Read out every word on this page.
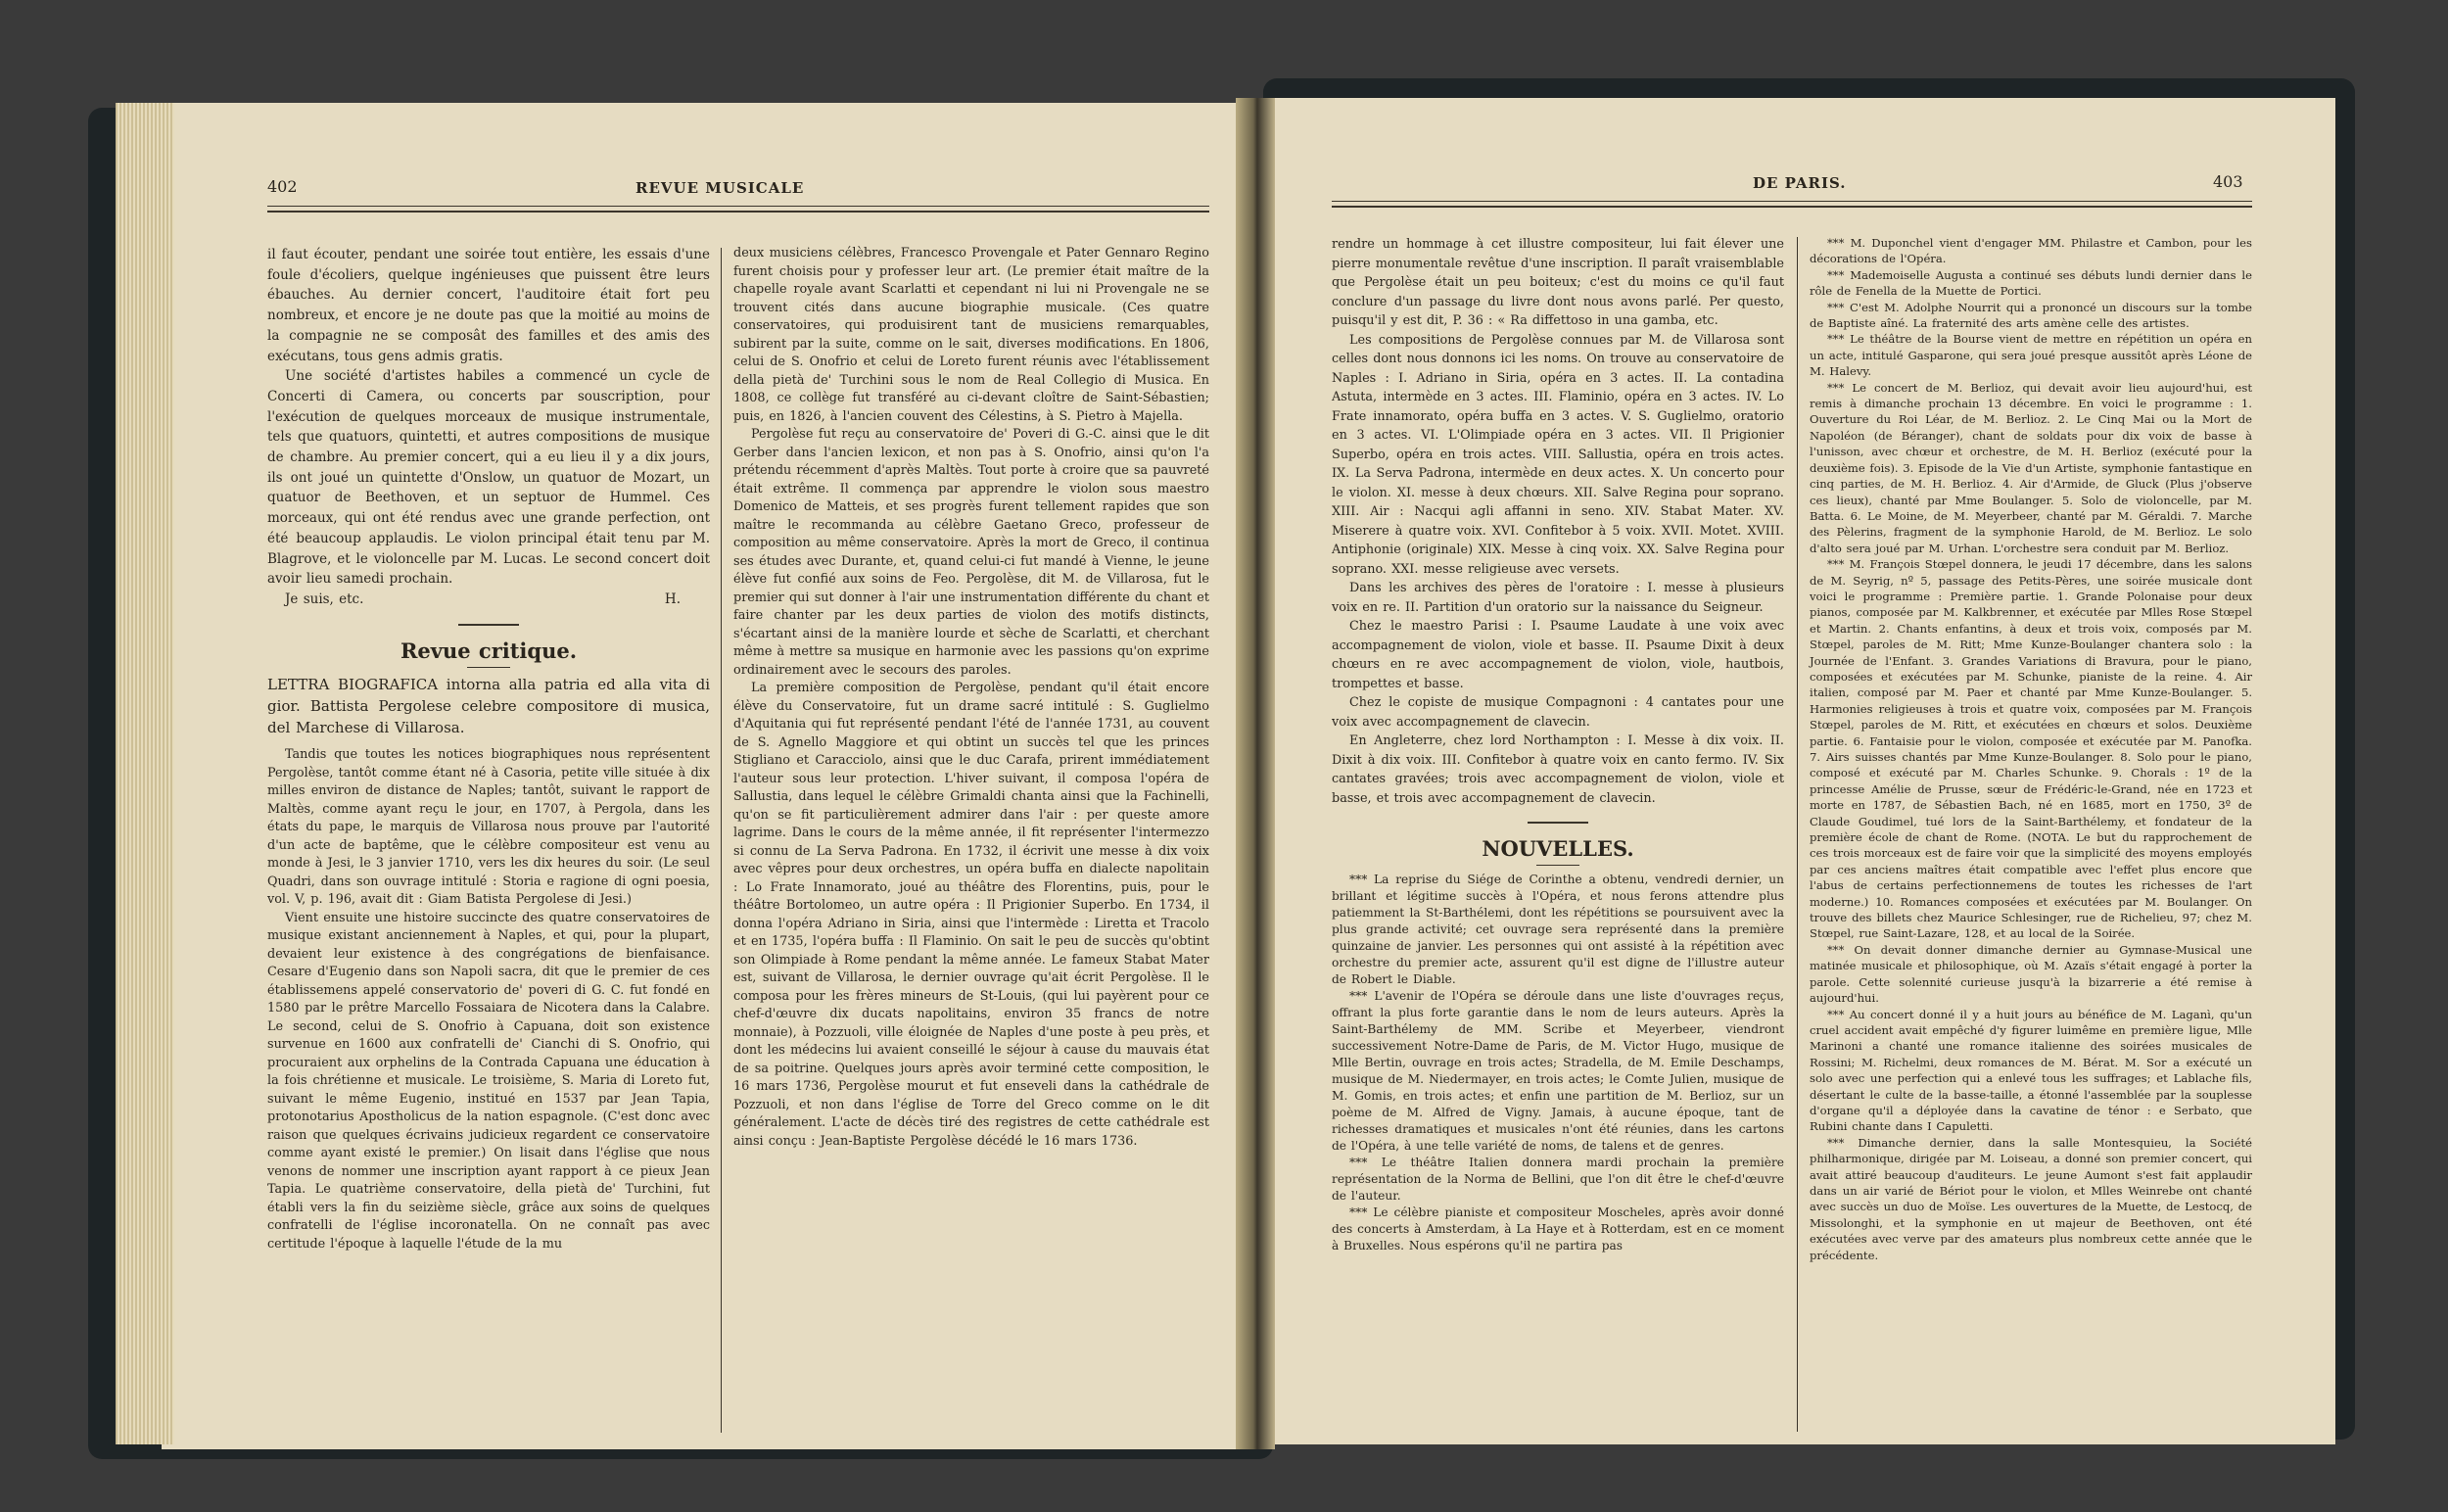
402	REVUE MUSICALE

il faut écouter, pendant une soirée tout entière, les essais d'une foule d'écoliers, quelque ingénieuses que puissent être leurs ébauches. Au dernier concert, l'auditoire était fort peu nombreux, et encore je ne doute pas que la moitié au moins de la compagnie ne se composât des familles et des amis des exécutans, tous gens admis gratis.

Une société d'artistes habiles a commencé un cycle de Concerti di Camera, ou concerts par souscription, pour l'exécution de quelques morceaux de musique instrumentale, tels que quatuors, quintetti, et autres compositions de musique de chambre. Au premier concert, qui a eu lieu il y a dix jours, ils ont joué un quintette d'Onslow, un quatuor de Mozart, un quatuor de Beethoven, et un septuor de Hummel. Ces morceaux, qui ont été rendus avec une grande perfection, ont été beaucoup applaudis. Le violon principal était tenu par M. Blagrove, et le violoncelle par M. Lucas. Le second concert doit avoir lieu samedi prochain.

Je suis, etc.	H.
Revue critique.

LETTRA BIOGRAFICA intorna alla patria ed alla vita di gior. Battista Pergolese celebre compositore di musica, del Marchese di Villarosa.

Tandis que toutes les notices biographiques nous représentent Pergolèse, tantôt comme étant né à Casoria, petite ville située à dix milles environ de distance de Naples; tantôt, suivant le rapport de Maltès, comme ayant reçu le jour, en 1707, à Pergola, dans les états du pape, le marquis de Villarosa nous prouve par l'autorité d'un acte de baptême, que le célèbre compositeur est venu au monde à Jesi, le 3 janvier 1710, vers les dix heures du soir. (Le seul Quadri, dans son ouvrage intitulé : Storia e ragione di ogni poesia, vol. V, p. 196, avait dit : Giam Batista Pergolese di Jesi.)

Vient ensuite une histoire succincte des quatre conservatoires de musique existant anciennement à Naples, et qui, pour la plupart, devaient leur existence à des congrégations de bienfaisance. Cesare d'Eugenio dans son Napoli sacra, dit que le premier de ces établissemens appelé conservatorio de' poveri di G. C. fut fondé en 1580 par le prêtre Marcello Fossaiara de Nicotera dans la Calabre. Le second, celui de S. Onofrio à Capuana, doit son existence survenue en 1600 aux confratelli de' Cianchi di S. Onofrio, qui procuraient aux orphelins de la Contrada Capuana une éducation à la fois chrétienne et musicale. Le troisième, S. Maria di Loreto fut, suivant le même Eugenio, institué en 1537 par Jean Tapia, protonotarius Apostholicus de la nation espagnole. (C'est donc avec raison que quelques écrivains judicieux regardent ce conservatoire comme ayant existé le premier.) On lisait dans l'église que nous venons de nommer une inscription ayant rapport à ce pieux Jean Tapia. Le quatrième conservatoire, della pietà de' Turchini, fut établi vers la fin du seizième siècle, grâce aux soins de quelques confratelli de l'église incoronatella. On ne connaît pas avec certitude l'époque à laquelle l'étude de la mu

deux musiciens célèbres, Francesco Provengale et Pater Gennaro Regino furent choisis pour y professer leur art. (Le premier était maître de la chapelle royale avant Scarlatti et cependant ni lui ni Provengale ne se trouvent cités dans aucune biographie musicale. (Ces quatre conservatoires, qui produisirent tant de musiciens remarquables, subirent par la suite, comme on le sait, diverses modifications. En 1806, celui de S. Onofrio et celui de Loreto furent réunis avec l'établissement della pietà de' Turchini sous le nom de Real Collegio di Musica. En 1808, ce collège fut transféré au ci-devant cloître de Saint-Sébastien; puis, en 1826, à l'ancien couvent des Célestins, à S. Pietro à Majella.

Pergolèse fut reçu au conservatoire de' Poveri di G.-C. ainsi que le dit Gerber dans l'ancien lexicon, et non pas à S. Onofrio, ainsi qu'on l'a prétendu récemment d'après Maltès. Tout porte à croire que sa pauvreté était extrême. Il commença par apprendre le violon sous maestro Domenico de Matteis, et ses progrès furent tellement rapides que son maître le recommanda au célèbre Gaetano Greco, professeur de composition au même conservatoire. Après la mort de Greco, il continua ses études avec Durante, et, quand celui-ci fut mandé à Vienne, le jeune élève fut confié aux soins de Feo. Pergolèse, dit M. de Villarosa, fut le premier qui sut donner à l'air une instrumentation différente du chant et faire chanter par les deux parties de violon des motifs distincts, s'écartant ainsi de la manière lourde et sèche de Scarlatti, et cherchant même à mettre sa musique en harmonie avec les passions qu'on exprime ordinairement avec le secours des paroles.

La première composition de Pergolèse, pendant qu'il était encore élève du Conservatoire, fut un drame sacré intitulé : S. Guglielmo d'Aquitania qui fut représenté pendant l'été de l'année 1731, au couvent de S. Agnello Maggiore et qui obtint un succès tel que les princes Stigliano et Caracciolo, ainsi que le duc Carafa, prirent immédiatement l'auteur sous leur protection. L'hiver suivant, il composa l'opéra de Sallustia, dans lequel le célèbre Grimaldi chanta ainsi que la Fachinelli, qu'on se fit particulièrement admirer dans l'air : per queste amore lagrime. Dans le cours de la même année, il fit représenter l'intermezzo si connu de La Serva Padrona. En 1732, il écrivit une messe à dix voix avec vêpres pour deux orchestres, un opéra buffa en dialecte napolitain : Lo Frate Innamorato, joué au théâtre des Florentins, puis, pour le théâtre Bortolomeo, un autre opéra : Il Prigionier Superbo. En 1734, il donna l'opéra Adriano in Siria, ainsi que l'intermède : Liretta et Tracolo et en 1735, l'opéra buffa : Il Flaminio. On sait le peu de succès qu'obtint son Olimpiade à Rome pendant la même année. Le fameux Stabat Mater est, suivant de Villarosa, le dernier ouvrage qu'ait écrit Pergolèse. Il le composa pour les frères mineurs de St-Louis, (qui lui payèrent pour ce chef-d'œuvre dix ducats napolitains, environ 35 francs de notre monnaie), à Pozzuoli, ville éloignée de Naples d'une poste à peu près, et dont les médecins lui avaient conseillé le séjour à cause du mauvais état de sa poitrine. Quelques jours après avoir terminé cette composition, le 16 mars 1736, Pergolèse mourut et fut enseveli dans la cathédrale de Pozzuoli, et non dans l'église de Torre del Greco comme on le dit généralement. L'acte de décès tiré des registres de cette cathédrale est ainsi conçu : Jean-Baptiste Pergolèse décédé le 16 mars 1736.

DE PARIS.	403

rendre un hommage à cet illustre compositeur, lui fait élever une pierre monumentale revêtue d'une inscription. Il paraît vraisemblable que Pergolèse était un peu boiteux; c'est du moins ce qu'il faut conclure d'un passage du livre dont nous avons parlé. Per questo, puisqu'il y est dit, P. 36 : « Ra diffettoso in una gamba, etc.

Les compositions de Pergolèse connues par M. de Villarosa sont celles dont nous donnons ici les noms. On trouve au conservatoire de Naples : I. Adriano in Siria, opéra en 3 actes. II. La contadina Astuta, intermède en 3 actes. III. Flaminio, opéra en 3 actes. IV. Lo Frate innamorato, opéra buffa en 3 actes. V. S. Guglielmo, oratorio en 3 actes. VI. L'Olimpiade opéra en 3 actes. VII. Il Prigionier Superbo, opéra en trois actes. VIII. Sallustia, opéra en trois actes. IX. La Serva Padrona, intermède en deux actes. X. Un concerto pour le violon. XI. messe à deux chœurs. XII. Salve Regina pour soprano. XIII. Air : Nacqui agli affanni in seno. XIV. Stabat Mater. XV. Miserere à quatre voix. XVI. Confitebor à 5 voix. XVII. Motet. XVIII. Antiphonie (originale) XIX. Messe à cinq voix. XX. Salve Regina pour soprano. XXI. messe religieuse avec versets.

Dans les archives des pères de l'oratoire : I. messe à plusieurs voix en re. II. Partition d'un oratorio sur la naissance du Seigneur.

Chez le maestro Parisi : I. Psaume Laudate à une voix avec accompagnement de violon, viole et basse. II. Psaume Dixit à deux chœurs en re avec accompagnement de violon, viole, hautbois, trompettes et basse.

Chez le copiste de musique Compagnoni : 4 cantates pour une voix avec accompagnement de clavecin.

En Angleterre, chez lord Northampton : I. Messe à dix voix. II. Dixit à dix voix. III. Confitebor à quatre voix en canto fermo. IV. Six cantates gravées; trois avec accompagnement de violon, viole et basse, et trois avec accompagnement de clavecin.

NOUVELLES.

*** La reprise du Siége de Corinthe a obtenu, vendredi dernier, un brillant et légitime succès à l'Opéra, et nous ferons attendre plus patiemment la St-Barthélemi, dont les répétitions se poursuivent avec la plus grande activité; cet ouvrage sera représenté dans la première quinzaine de janvier. Les personnes qui ont assisté à la répétition avec orchestre du premier acte, assurent qu'il est digne de l'illustre auteur de Robert le Diable.

*** L'avenir de l'Opéra se déroule dans une liste d'ouvrages reçus, offrant la plus forte garantie dans le nom de leurs auteurs. Après la Saint-Barthélemy de MM. Scribe et Meyerbeer, viendront successivement Notre-Dame de Paris, de M. Victor Hugo, musique de Mlle Bertin, ouvrage en trois actes; Stradella, de M. Emile Deschamps, musique de M. Niedermayer, en trois actes; le Comte Julien, musique de M. Gomis, en trois actes; et enfin une partition de M. Berlioz, sur un poème de M. Alfred de Vigny. Jamais, à aucune époque, tant de richesses dramatiques et musicales n'ont été réunies, dans les cartons de l'Opéra, à une telle variété de noms, de talens et de genres.

*** Le théâtre Italien donnera mardi prochain la première représentation de la Norma de Bellini, que l'on dit être le chef-d'œuvre de l'auteur.

*** Le célèbre pianiste et compositeur Moscheles, après avoir donné des concerts à Amsterdam, à La Haye et à Rotterdam, est en ce moment à Bruxelles. Nous espérons qu'il ne partira pas

*** M. Duponchel vient d'engager MM. Philastre et Cambon, pour les décorations de l'Opéra.

*** Mademoiselle Augusta a continué ses débuts lundi dernier dans le rôle de Fenella de la Muette de Portici.

*** C'est M. Adolphe Nourrit qui a prononcé un discours sur la tombe de Baptiste aîné. La fraternité des arts amène celle des artistes.

*** Le théâtre de la Bourse vient de mettre en répétition un opéra en un acte, intitulé Gasparone, qui sera joué presque aussitôt après Léone de M. Halevy.

*** Le concert de M. Berlioz, qui devait avoir lieu aujourd'hui, est remis à dimanche prochain 13 décembre. En voici le programme : 1. Ouverture du Roi Léar, de M. Berlioz. 2. Le Cinq Mai ou la Mort de Napoléon (de Béranger), chant de soldats pour dix voix de basse à l'unisson, avec chœur et orchestre, de M. H. Berlioz (exécuté pour la deuxième fois). 3. Episode de la Vie d'un Artiste, symphonie fantastique en cinq parties, de M. H. Berlioz. 4. Air d'Armide, de Gluck (Plus j'observe ces lieux), chanté par Mme Boulanger. 5. Solo de violoncelle, par M. Batta. 6. Le Moine, de M. Meyerbeer, chanté par M. Géraldi. 7. Marche des Pèlerins, fragment de la symphonie Harold, de M. Berlioz. Le solo d'alto sera joué par M. Urhan. L'orchestre sera conduit par M. Berlioz.

*** M. François Stœpel donnera, le jeudi 17 décembre, dans les salons de M. Seyrig, nº 5, passage des Petits-Pères, une soirée musicale dont voici le programme : Première partie. 1. Grande Polonaise pour deux pianos, composée par M. Kalkbrenner, et exécutée par Mlles Rose Stœpel et Martin. 2. Chants enfantins, à deux et trois voix, composés par M. Stœpel, paroles de M. Ritt; Mme Kunze-Boulanger chantera solo : la Journée de l'Enfant. 3. Grandes Variations di Bravura, pour le piano, composées et exécutées par M. Schunke, pianiste de la reine. 4. Air italien, composé par M. Paer et chanté par Mme Kunze-Boulanger. 5. Harmonies religieuses à trois et quatre voix, composées par M. François Stœpel, paroles de M. Ritt, et exécutées en chœurs et solos. Deuxième partie. 6. Fantaisie pour le violon, composée et exécutée par M. Panofka. 7. Airs suisses chantés par Mme Kunze-Boulanger. 8. Solo pour le piano, composé et exécuté par M. Charles Schunke. 9. Chorals : 1º de la princesse Amélie de Prusse, sœur de Frédéric-le-Grand, née en 1723 et morte en 1787, de Sébastien Bach, né en 1685, mort en 1750, 3º de Claude Goudimel, tué lors de la Saint-Barthélemy, et fondateur de la première école de chant de Rome. (NOTA. Le but du rapprochement de ces trois morceaux est de faire voir que la simplicité des moyens employés par ces anciens maîtres était compatible avec l'effet plus encore que l'abus de certains perfectionnemens de toutes les richesses de l'art moderne.) 10. Romances composées et exécutées par M. Boulanger. On trouve des billets chez Maurice Schlesinger, rue de Richelieu, 97; chez M. Stœpel, rue Saint-Lazare, 128, et au local de la Soirée.

*** On devait donner dimanche dernier au Gymnase-Musical une matinée musicale et philosophique, où M. Azaïs s'était engagé à porter la parole. Cette solennité curieuse jusqu'à la bizarrerie a été remise à aujourd'hui.

*** Au concert donné il y a huit jours au bénéfice de M. Laganì, qu'un cruel accident avait empêché d'y figurer luimême en première ligue, Mlle Marinoni a chanté une romance italienne des soirées musicales de Rossini; M. Richelmi, deux romances de M. Bérat. M. Sor a exécuté un solo avec une perfection qui a enlevé tous les suffrages; et Lablache fils, désertant le culte de la basse-taille, a étonné l'assemblée par la souplesse d'organe qu'il a déployée dans la cavatine de ténor : e Serbato, que Rubini chante dans I Capuletti.

*** Dimanche dernier, dans la salle Montesquieu, la Société philharmonique, dirigée par M. Loiseau, a donné son premier concert, qui avait attiré beaucoup d'auditeurs. Le jeune Aumont s'est fait applaudir dans un air varié de Bériot pour le violon, et Mlles Weinrebe ont chanté avec succès un duo de Moïse. Les ouvertures de la Muette, de Lestocq, de Missolonghi, et la symphonie en ut majeur de Beethoven, ont été exécutées avec verve par des amateurs plus nombreux cette année que le précédente.
